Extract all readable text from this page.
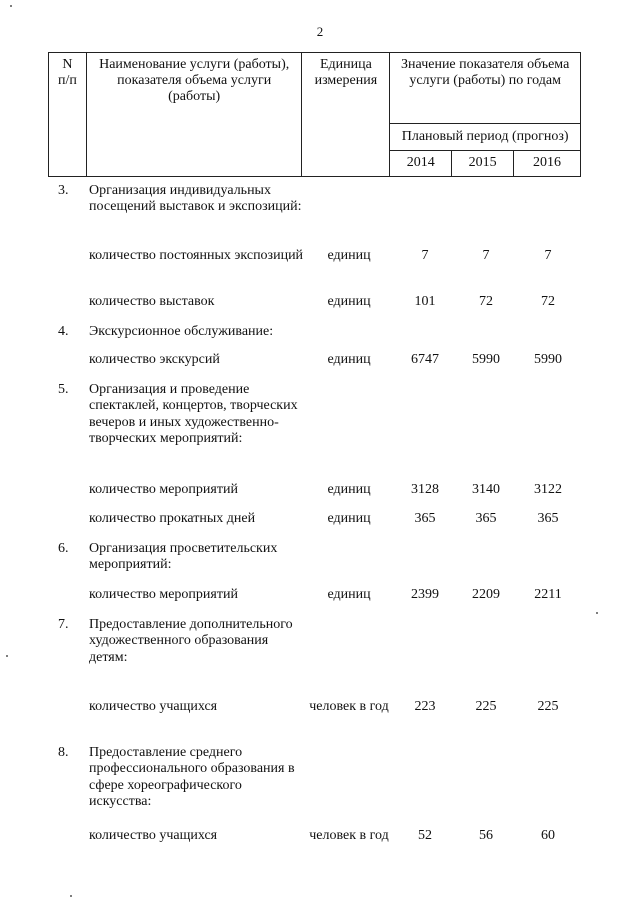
2
N
п/п	Наименование услуги (работы), показателя объема услуги (работы)	Единица измерения	Значение показателя объема услуги (работы) по годам		
			Плановый период (прогноз)		
			2014	2015	2016
3. Организация индивидуальных посещений выставок и экспозиций:
количество постоянных экспозиций	единиц	7	7	7
количество выставок	единиц	101	72	72
4. Экскурсионное обслуживание:
количество экскурсий	единиц	6747	5990	5990
5. Организация и проведение спектаклей, концертов, творческих вечеров и иных художественно-творческих мероприятий:
количество мероприятий	единиц	3128	3140	3122
количество прокатных дней	единиц	365	365	365
6. Организация просветительских мероприятий:
количество мероприятий	единиц	2399	2209	2211
7. Предоставление дополнительного художественного образования детям:
количество учащихся	человек в год	223	225	225
8. Предоставление среднего профессионального образования в сфере хореографического искусства:
количество учащихся	человек в год	52	56	60
